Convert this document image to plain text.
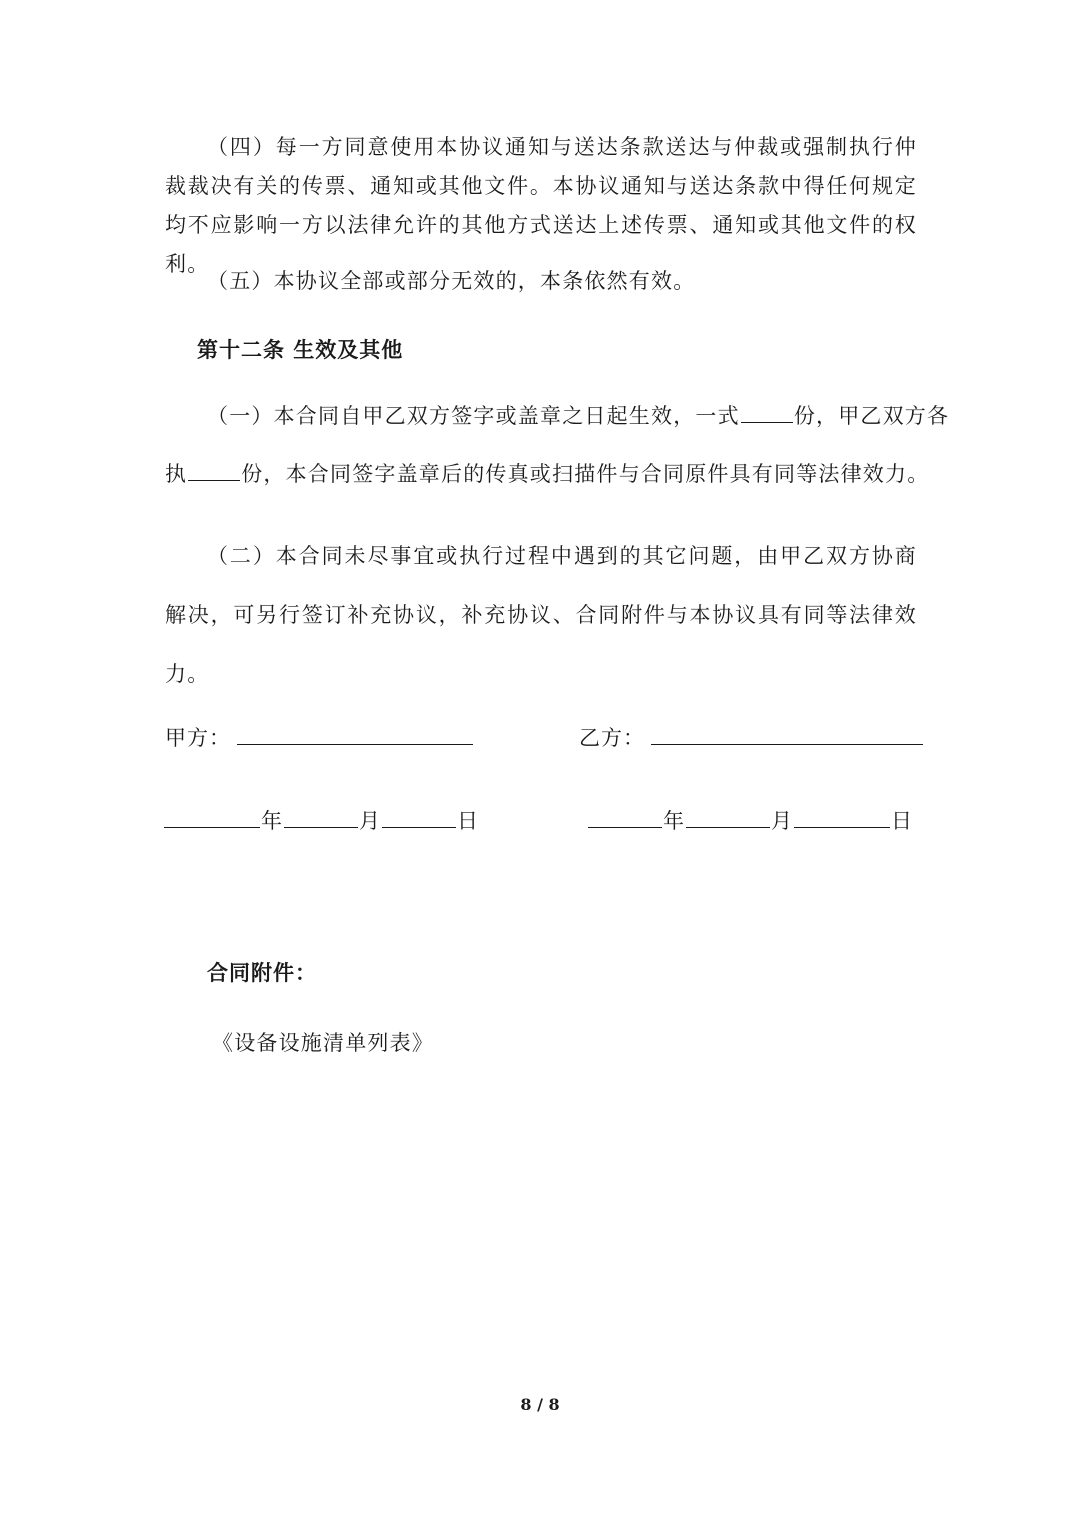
（四）每一方同意使用本协议通知与送达条款送达与仲裁或强制执行仲裁裁决有关的传票、通知或其他文件。本协议通知与送达条款中得任何规定均不应影响一方以法律允许的其他方式送达上述传票、通知或其他文件的权利。
（五）本协议全部或部分无效的，本条依然有效。
第十二条 生效及其他
（一）本合同自甲乙双方签字或盖章之日起生效，一式	份，甲乙双方各
执	份，本合同签字盖章后的传真或扫描件与合同原件具有同等法律效力。
（二）本合同未尽事宜或执行过程中遇到的其它问题，由甲乙双方协商解决，可另行签订补充协议，补充协议、合同附件与本协议具有同等法律效力。
甲方：	乙方：
年	月	日	年	月	日
合同附件：
《设备设施清单列表》
8 / 8
